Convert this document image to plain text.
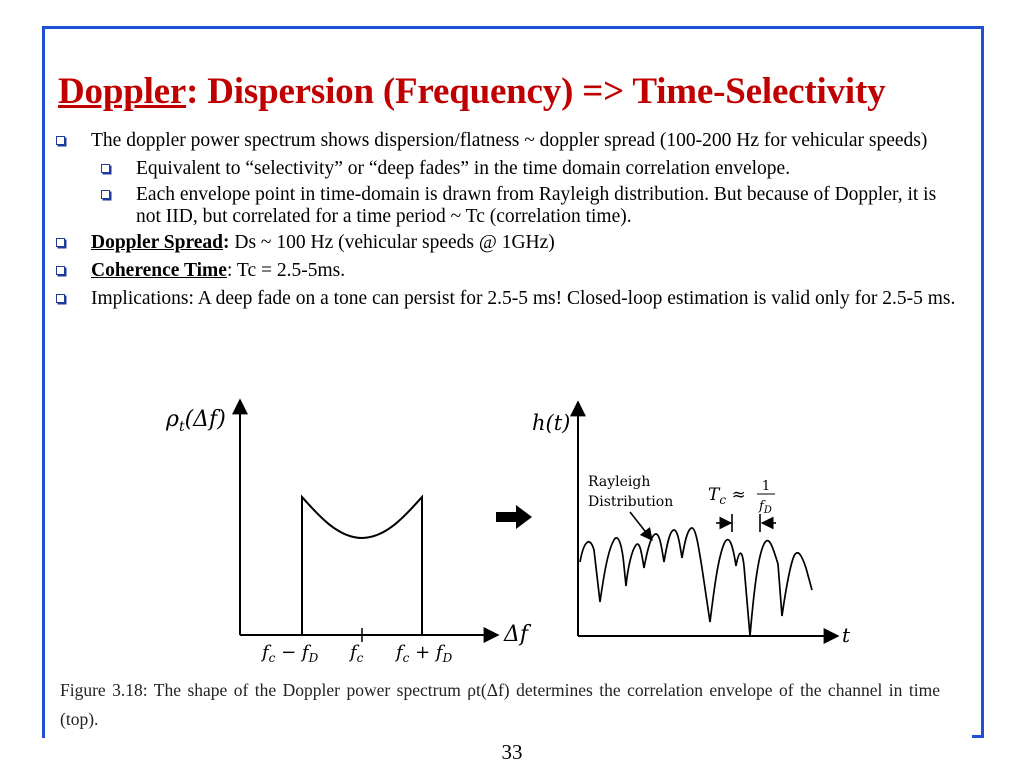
Doppler: Dispersion (Frequency) => Time-Selectivity
The doppler power spectrum shows dispersion/flatness ~ doppler spread (100-200 Hz for vehicular speeds)
Equivalent to “selectivity” or “deep fades” in the time domain correlation envelope.
Each envelope point in time-domain is drawn from Rayleigh distribution. But because of Doppler, it is not IID, but correlated for a time period ~ Tc (correlation time).
Doppler Spread: Ds ~ 100 Hz (vehicular speeds @ 1GHz)
Coherence Time: Tc = 2.5-5ms.
Implications: A deep fade on a tone can persist for 2.5-5 ms! Closed-loop estimation is valid only for 2.5-5 ms.
$\rho_t(\Delta f)$
Δf
$f_c - f_D$ $f_c$ $f_c + f_D$
h(t)
t
Rayleigh Distribution $T_c \approx 1$
$f_D$

Figure 3.18: The shape of the Doppler power spectrum ρt(Δf) determines the correlation envelope of the channel in time (top).

33
